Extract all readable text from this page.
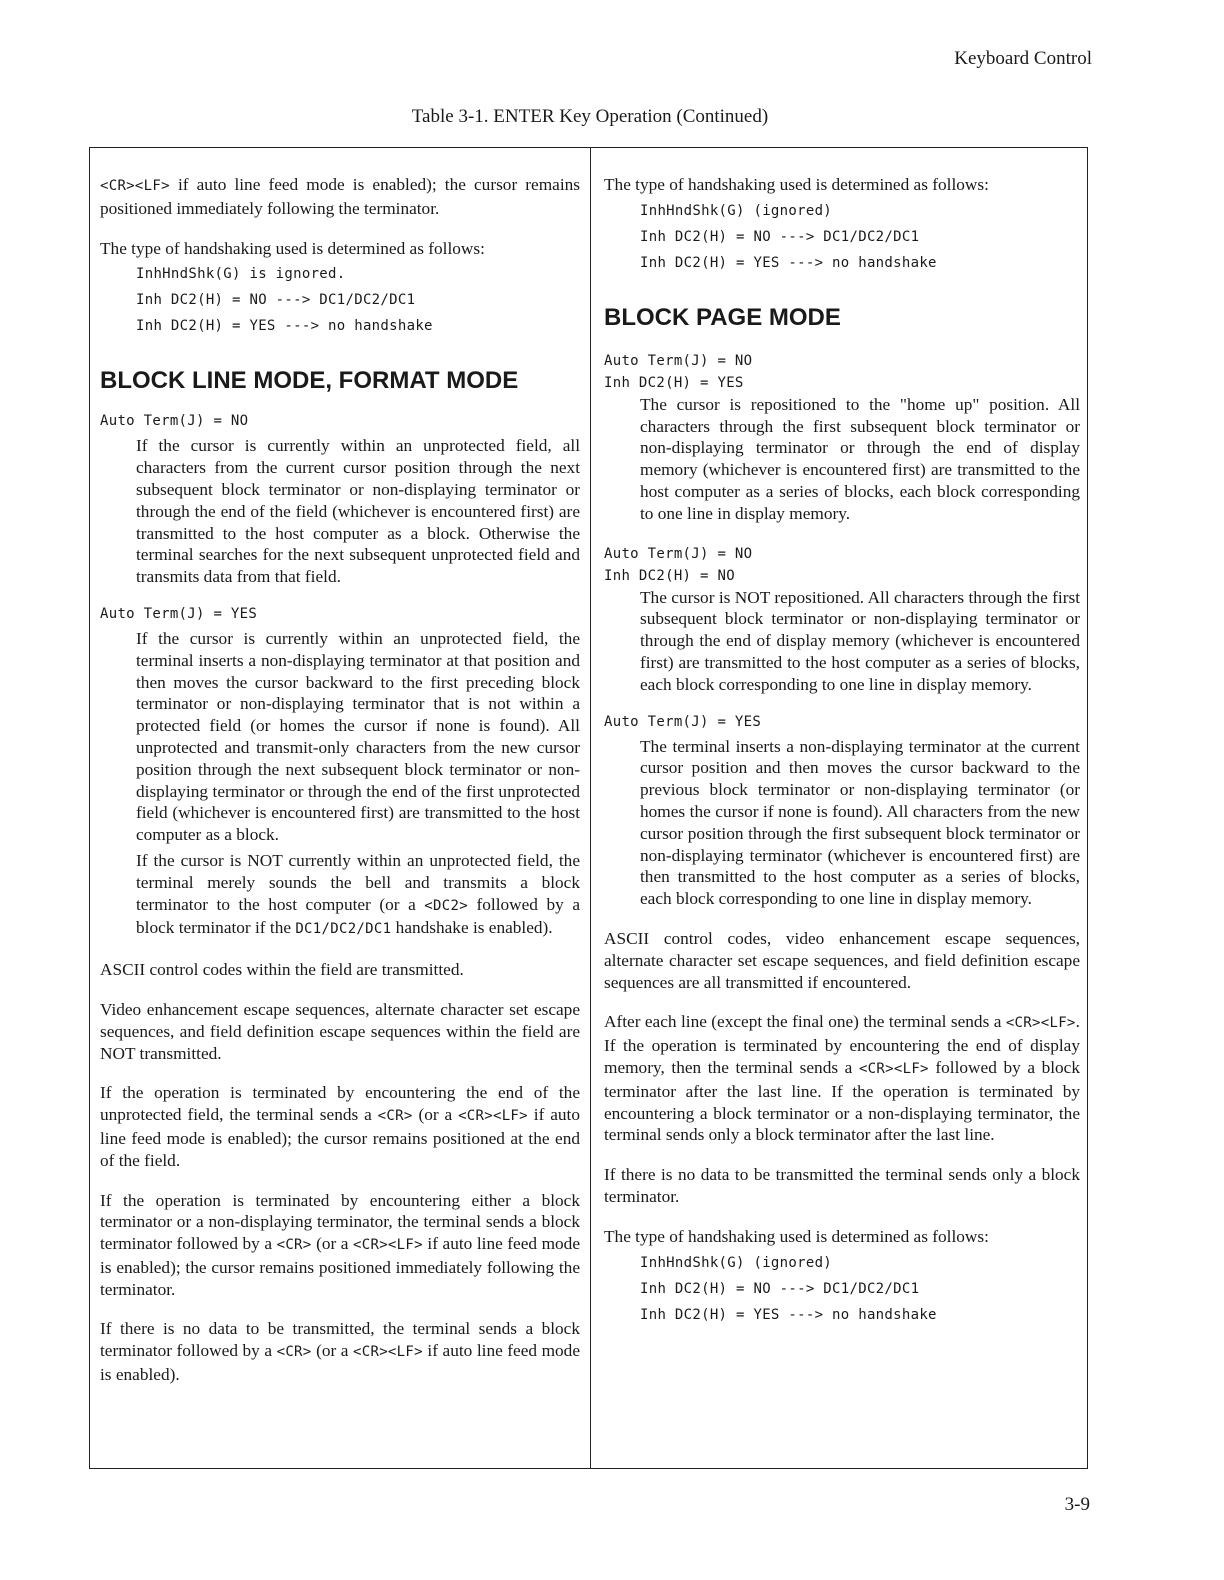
Keyboard Control
Table 3-1. ENTER Key Operation (Continued)

<CR><LF> if auto line feed mode is enabled); the cursor remains positioned immediately following the terminator.

The type of handshaking used is determined as follows:

InhHndShk(G) is ignored.
Inh DC2(H) = NO ---> DC1/DC2/DC1
Inh DC2(H) = YES ---> no handshake
BLOCK LINE MODE, FORMAT MODE
Auto Term(J) = NO

If the cursor is currently within an unprotected field, all characters from the current cursor position through the next subsequent block terminator or non-displaying terminator or through the end of the field (whichever is encountered first) are transmitted to the host computer as a block. Otherwise the terminal searches for the next subsequent unprotected field and transmits data from that field.

Auto Term(J) = YES

If the cursor is currently within an unprotected field, the terminal inserts a non-displaying terminator at that position and then moves the cursor backward to the first preceding block terminator or non-displaying terminator that is not within a protected field (or homes the cursor if none is found). All unprotected and transmit-only characters from the new cursor position through the next subsequent block terminator or non-displaying terminator or through the end of the first unprotected field (whichever is encountered first) are transmitted to the host computer as a block.

If the cursor is NOT currently within an unprotected field, the terminal merely sounds the bell and transmits a block terminator to the host computer (or a <DC2> followed by a block terminator if the DC1/DC2/DC1 handshake is enabled).

ASCII control codes within the field are transmitted.

Video enhancement escape sequences, alternate character set escape sequences, and field definition escape sequences within the field are NOT transmitted.

If the operation is terminated by encountering the end of the unprotected field, the terminal sends a <CR> (or a <CR><LF> if auto line feed mode is enabled); the cursor remains positioned at the end of the field.

If the operation is terminated by encountering either a block terminator or a non-displaying terminator, the terminal sends a block terminator followed by a <CR> (or a <CR><LF> if auto line feed mode is enabled); the cursor remains positioned immediately following the terminator.

If there is no data to be transmitted, the terminal sends a block terminator followed by a <CR> (or a <CR><LF> if auto line feed mode is enabled).

The type of handshaking used is determined as follows:

InhHndShk(G) (ignored)
Inh DC2(H) = NO ---> DC1/DC2/DC1
Inh DC2(H) = YES ---> no handshake
BLOCK PAGE MODE
Auto Term(J) = NO
Inh DC2(H) = YES

The cursor is repositioned to the "home up" position. All characters through the first subsequent block terminator or non-displaying terminator or through the end of display memory (whichever is encountered first) are transmitted to the host computer as a series of blocks, each block corresponding to one line in display memory.

Auto Term(J) = NO
Inh DC2(H) = NO

The cursor is NOT repositioned. All characters through the first subsequent block terminator or non-displaying terminator or through the end of display memory (whichever is encountered first) are transmitted to the host computer as a series of blocks, each block corresponding to one line in display memory.

Auto Term(J) = YES

The terminal inserts a non-displaying terminator at the current cursor position and then moves the cursor backward to the previous block terminator or non-displaying terminator (or homes the cursor if none is found). All characters from the new cursor position through the first subsequent block terminator or non-displaying terminator (whichever is encountered first) are then transmitted to the host computer as a series of blocks, each block corresponding to one line in display memory.

ASCII control codes, video enhancement escape sequences, alternate character set escape sequences, and field definition escape sequences are all transmitted if encountered.

After each line (except the final one) the terminal sends a <CR><LF>. If the operation is terminated by encountering the end of display memory, then the terminal sends a <CR><LF> followed by a block terminator after the last line. If the operation is terminated by encountering a block terminator or a non-displaying terminator, the terminal sends only a block terminator after the last line.

If there is no data to be transmitted the terminal sends only a block terminator.

The type of handshaking used is determined as follows:

InhHndShk(G) (ignored)
Inh DC2(H) = NO ---> DC1/DC2/DC1
Inh DC2(H) = YES ---> no handshake
3-9
